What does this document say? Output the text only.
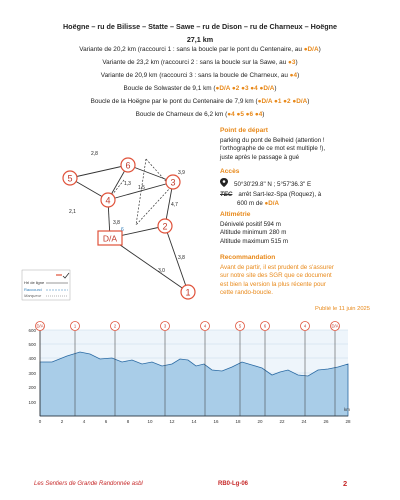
Hoëgne – ru de Bilisse – Statte – Sawe – ru de Dison – ru de Charneux – Hoëgne
27,1 km
Variante de 20,2 km (raccourci 1 : sans la boucle par le pont du Centenaire, au ●D/A)
Variante de 23,2 km (raccourci 2 : sans la boucle sur la Sawe, au ●3)
Variante de 20,9 km (raccourci 3 : sans la boucle de Charneux, au ●4)
Boucle de Solwaster de 9,1 km (●D/A ●2 ●3 ●4 ●D/A)
Boucle de la Hoëgne par le pont du Centenaire de 7,9 km (●D/A ●1 ●2 ●D/A)
Boucle de Charneux de 6,2 km (●4 ●5 ●6 ●4)
5
6
4
3
2
D/A
1
6
2,8
1,3
3,9
2,1
1,5
4,7
3,8
3,8
3,0
Hrl de ligne
Raccourci
Marqueur
Point de départ
parking du pont de Belheid (attention !
l'orthographe de ce mot est multiple !),
juste après le passage à gué
Accès
50°30'29.8" N ; 5°57'36.3" E
TEC arrêt Sart-lez-Spa (Roquez), à
600 m de ●D/A
Altimétrie
Dénivelé positif 594 m
Altitude minimum 280 m
Altitude maximum 515 m
Recommandation
Avant de partir, il est prudent de s'assurer
sur notre site des SGR que ce document
est bien la version la plus récente pour
cette rando-boucle.
Publié le 11 juin 2025
600
500
400
300
200
100
0	2	4	6	8	10	12	14	16	18	20	22	24	26	28
km
D/A	1	2	3	4	5	6	4	D/A
Les Sentiers de Grande Randonnée asbl	RB0-Lg-06	2
